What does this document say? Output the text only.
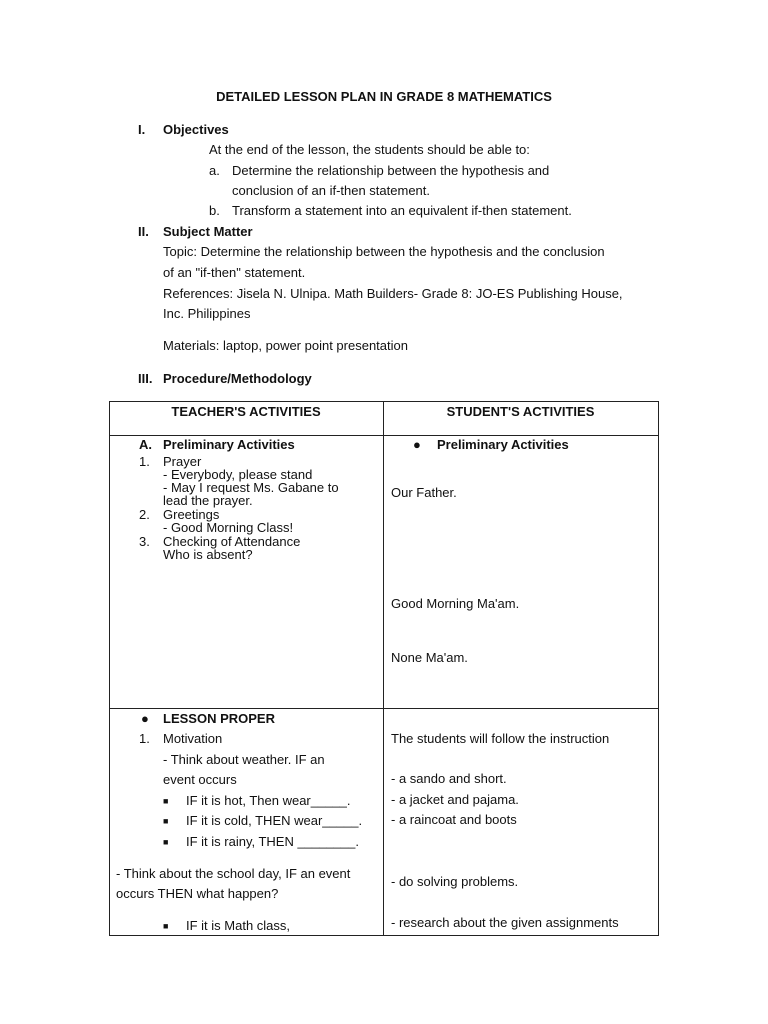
DETAILED LESSON PLAN IN GRADE 8 MATHEMATICS
I. Objectives
At the end of the lesson, the students should be able to:
a. Determine the relationship between the hypothesis and
conclusion of an if-then statement.
b. Transform a statement into an equivalent if-then statement.
II. Subject Matter
Topic: Determine the relationship between the hypothesis and the conclusion
of an "if-then" statement.
References: Jisela N. Ulnipa. Math Builders- Grade 8: JO-ES Publishing House,
Inc. Philippines
Materials: laptop, power point presentation
III. Procedure/Methodology
TEACHER'S ACTIVITIES	STUDENT'S ACTIVITIES
A. Preliminary Activities
1. Prayer
- Everybody, please stand
- May I request Ms. Gabane to
lead the prayer.
2. Greetings
- Good Morning Class!
3. Checking of Attendance
Who is absent?
● Preliminary Activities
Our Father.
Good Morning Ma'am.
None Ma'am.
● LESSON PROPER
1. Motivation
- Think about weather. IF an
event occurs
■ IF it is hot, Then wear_____.
■ IF it is cold, THEN wear_____.
■ IF it is rainy, THEN ________.
- Think about the school day, IF an event
occurs THEN what happen?
■ IF it is Math class,
The students will follow the instruction
- a sando and short.
- a jacket and pajama.
- a raincoat and boots
- do solving problems.
- research about the given assignments
